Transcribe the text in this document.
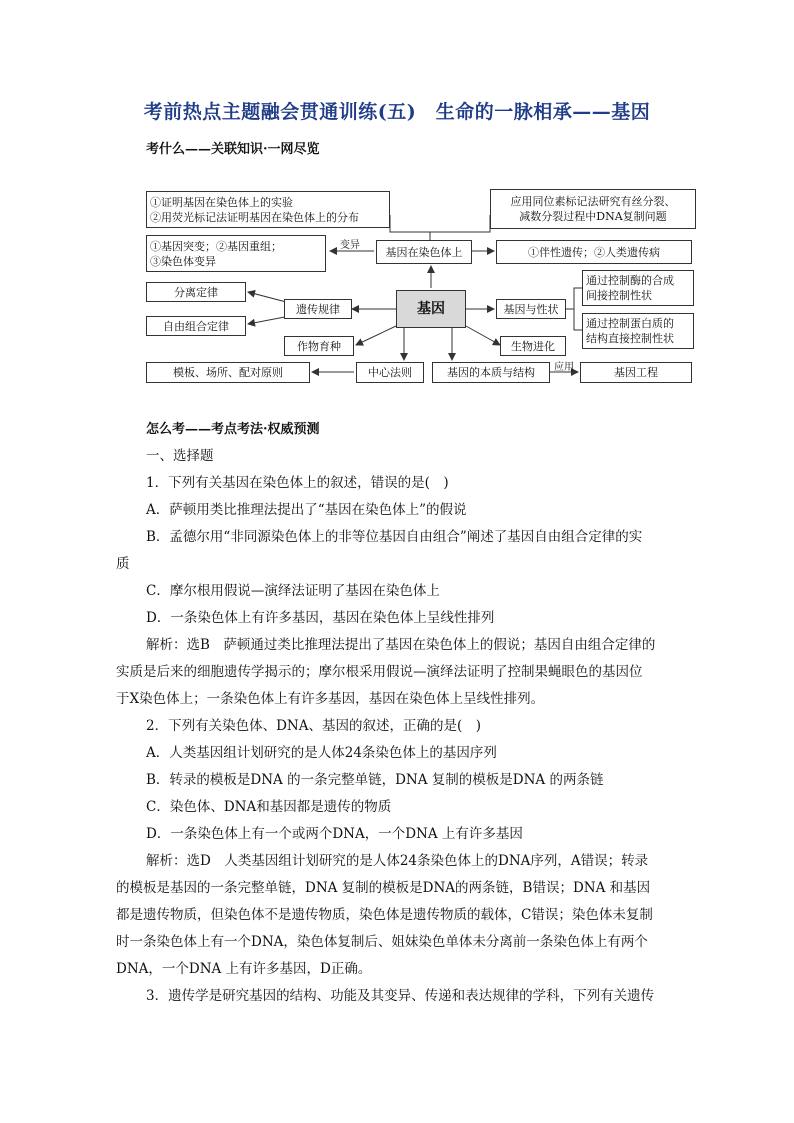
考前热点主题融会贯通训练(五)　生命的一脉相承——基因
考什么——关联知识·一网尽览
①证明基因在染色体上的实验
②用荧光标记法证明基因在染色体上的分布
应用同位素标记法研究有丝分裂、
减数分裂过程中DNA复制问题
①基因突变；②基因重组；
③染色体变异
变异	基因在染色体上	①伴性遗传；②人类遗传病
通过控制酶的合成
间接控制性状
通过控制蛋白质的
结构直接控制性状
分离定律
自由组合定律
遗传规律	基因	基因与性状
作物育种	生物进化
模板、场所、配对原则	中心法则	基因的本质与结构	应用	基因工程
怎么考——考点考法·权威预测
一、选择题
1．下列有关基因在染色体上的叙述，错误的是(　)
A．萨顿用类比推理法提出了“基因在染色体上”的假说
B．孟德尔用“非同源染色体上的非等位基因自由组合”阐述了基因自由组合定律的实
质
C．摩尔根用假说—演绎法证明了基因在染色体上
D．一条染色体上有许多基因，基因在染色体上呈线性排列
解析：选B　萨顿通过类比推理法提出了基因在染色体上的假说；基因自由组合定律的
实质是后来的细胞遗传学揭示的；摩尔根采用假说—演绎法证明了控制果蝇眼色的基因位
于X染色体上；一条染色体上有许多基因，基因在染色体上呈线性排列。
2．下列有关染色体、DNA、基因的叙述，正确的是(　)
A．人类基因组计划研究的是人体24条染色体上的基因序列
B．转录的模板是DNA 的一条完整单链，DNA 复制的模板是DNA 的两条链
C．染色体、DNA和基因都是遗传的物质
D．一条染色体上有一个或两个DNA，一个DNA 上有许多基因
解析：选D　人类基因组计划研究的是人体24条染色体上的DNA序列，A错误；转录
的模板是基因的一条完整单链，DNA 复制的模板是DNA的两条链，B错误；DNA 和基因
都是遗传物质，但染色体不是遗传物质，染色体是遗传物质的载体，C错误；染色体未复制
时一条染色体上有一个DNA，染色体复制后、姐妹染色单体未分离前一条染色体上有两个
DNA，一个DNA 上有许多基因，D正确。
3．遗传学是研究基因的结构、功能及其变异、传递和表达规律的学科，下列有关遗传
